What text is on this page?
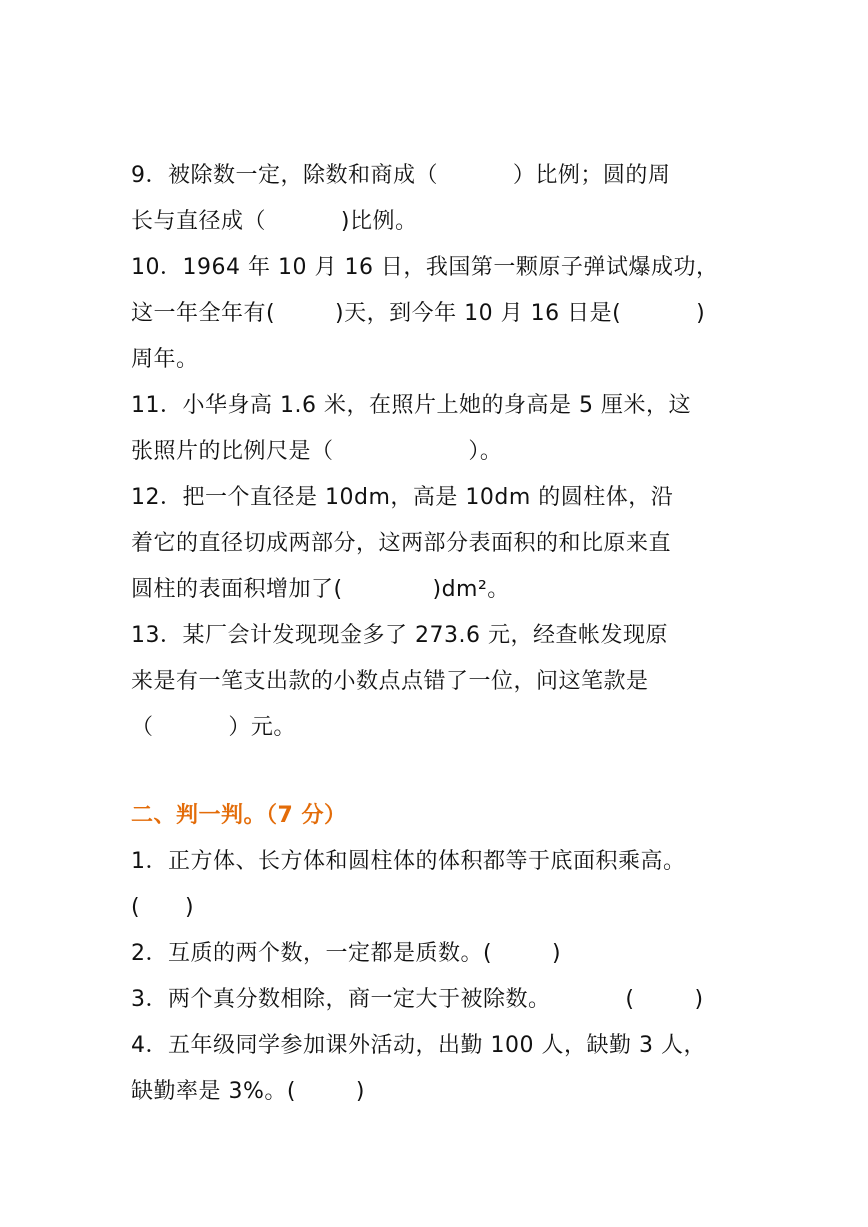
9．被除数一定，除数和商成（          ）比例；圆的周
长与直径成（          )比例。
10．1964 年 10 月 16 日，我国第一颗原子弹试爆成功，
这一年全年有(        )天，到今年 10 月 16 日是(          )
周年。
11．小华身高 1.6 米，在照片上她的身高是 5 厘米，这
张照片的比例尺是（                  ）。
12．把一个直径是 10dm，高是 10dm 的圆柱体，沿
着它的直径切成两部分，这两部分表面积的和比原来直
圆柱的表面积增加了(            )dm²。
13．某厂会计发现现金多了 273.6 元，经查帐发现原
来是有一笔支出款的小数点点错了一位，问这笔款是
（          ）元。
二、判一判。（7 分）
1．正方体、长方体和圆柱体的体积都等于底面积乘高。
(      )
2．互质的两个数，一定都是质数。(        )
3．两个真分数相除，商一定大于被除数。          (        )
4．五年级同学参加课外活动，出勤 100 人，缺勤 3 人，
缺勤率是 3%。(        )
